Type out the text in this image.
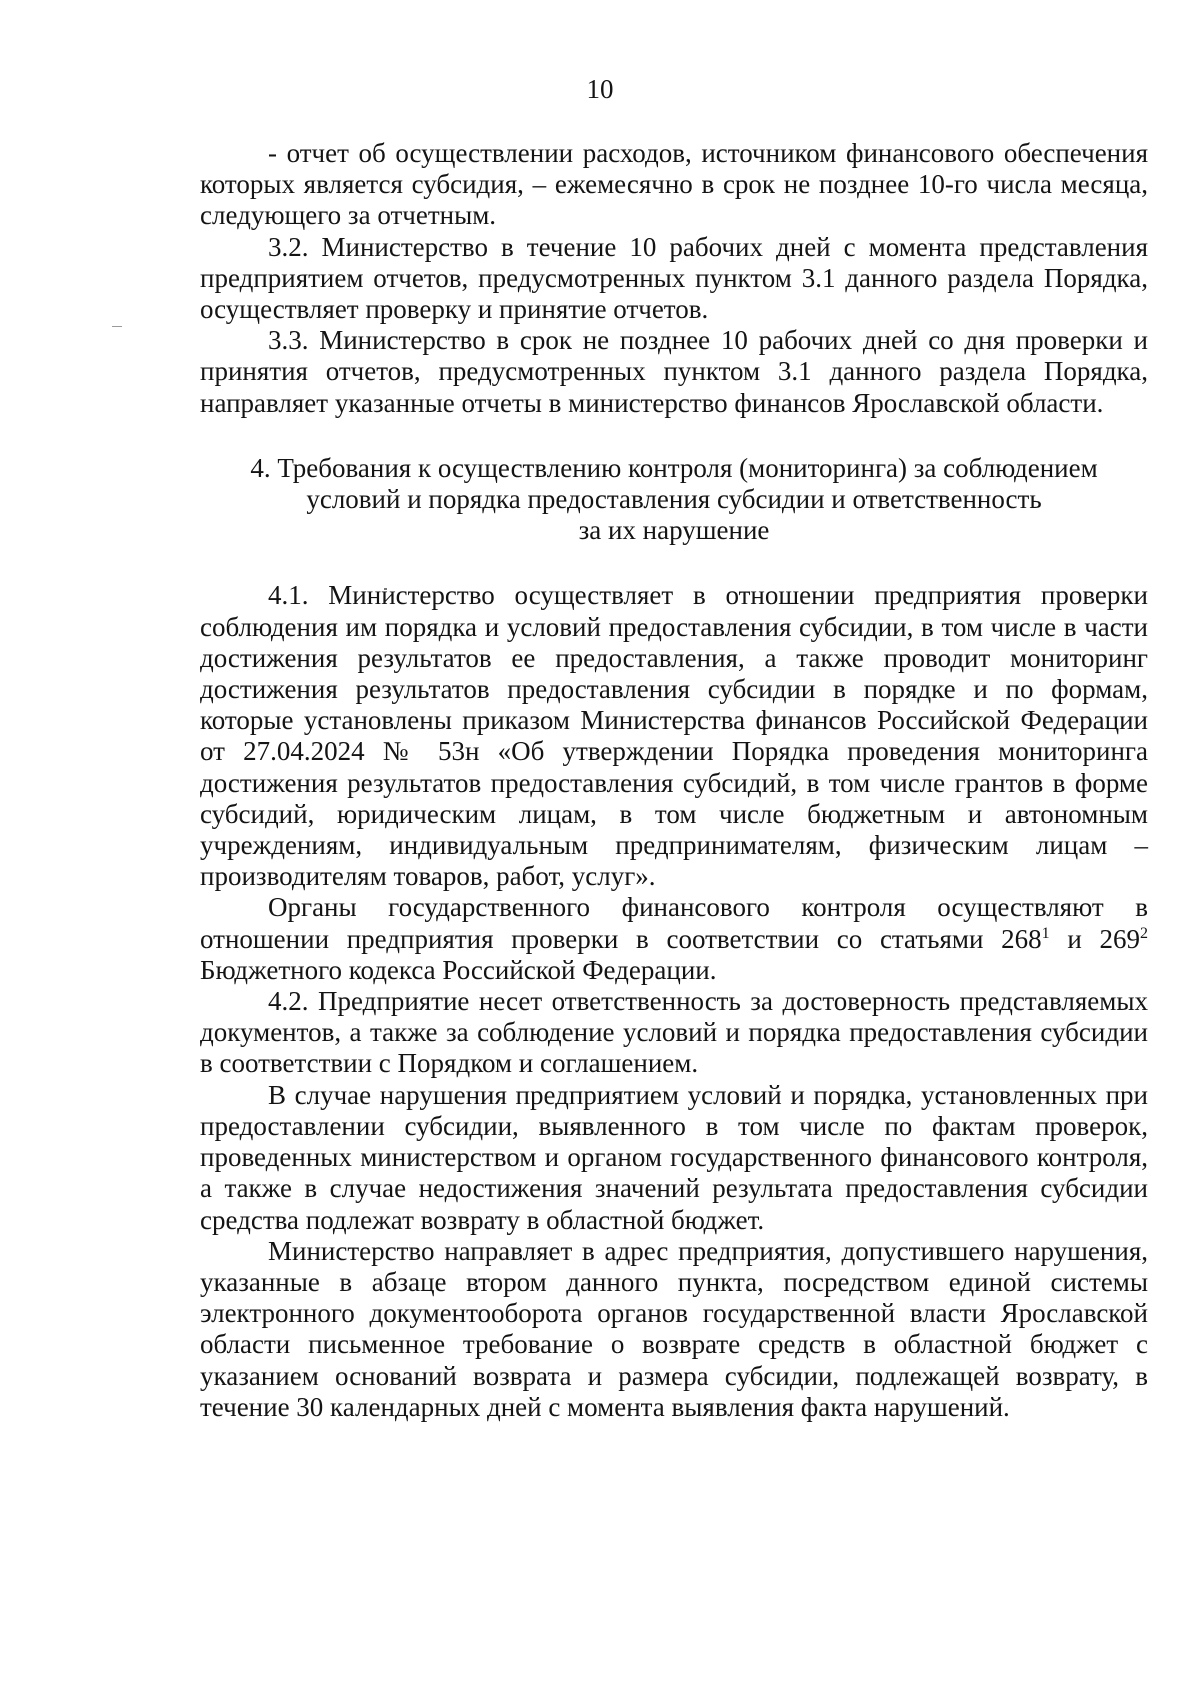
10

- отчет об осуществлении расходов, источником финансового обеспечения которых является субсидия, – ежемесячно в срок не позднее 10-го числа месяца, следующего за отчетным.

3.2. Министерство в течение 10 рабочих дней с момента представления предприятием отчетов, предусмотренных пунктом 3.1 данного раздела Порядка, осуществляет проверку и принятие отчетов.

3.3. Министерство в срок не позднее 10 рабочих дней со дня проверки и принятия отчетов, предусмотренных пунктом 3.1 данного раздела Порядка, направляет указанные отчеты в министерство финансов Ярославской области.

4. Требования к осуществлению контроля (мониторинга) за соблюдением
условий и порядка предоставления субсидии и ответственность
за их нарушение

4.1. Министерство осуществляет в отношении предприятия проверки соблюдения им порядка и условий предоставления субсидии, в том числе в части достижения результатов ее предоставления, а также проводит мониторинг достижения результатов предоставления субсидии в порядке и по формам, которые установлены приказом Министерства финансов Российской Федерации от 27.04.2024 № 53н «Об утверждении Порядка проведения мониторинга достижения результатов предоставления субсидий, в том числе грантов в форме субсидий, юридическим лицам, в том числе бюджетным и автономным учреждениям, индивидуальным предпринимателям, физическим лицам – производителям товаров, работ, услуг».

Органы государственного финансового контроля осуществляют в отношении предприятия проверки в соответствии со статьями $268^1$ и $269^2$ Бюджетного кодекса Российской Федерации.

4.2. Предприятие несет ответственность за достоверность представляемых документов, а также за соблюдение условий и порядка предоставления субсидии в соответствии с Порядком и соглашением.

В случае нарушения предприятием условий и порядка, установленных при предоставлении субсидии, выявленного в том числе по фактам проверок, проведенных министерством и органом государственного финансового контроля, а также в случае недостижения значений результата предоставления субсидии средства подлежат возврату в областной бюджет.

Министерство направляет в адрес предприятия, допустившего нарушения, указанные в абзаце втором данного пункта, посредством единой системы электронного документооборота органов государственной власти Ярославской области письменное требование о возврате средств в областной бюджет с указанием оснований возврата и размера субсидии, подлежащей возврату, в течение 30 календарных дней с момента выявления факта нарушений.
